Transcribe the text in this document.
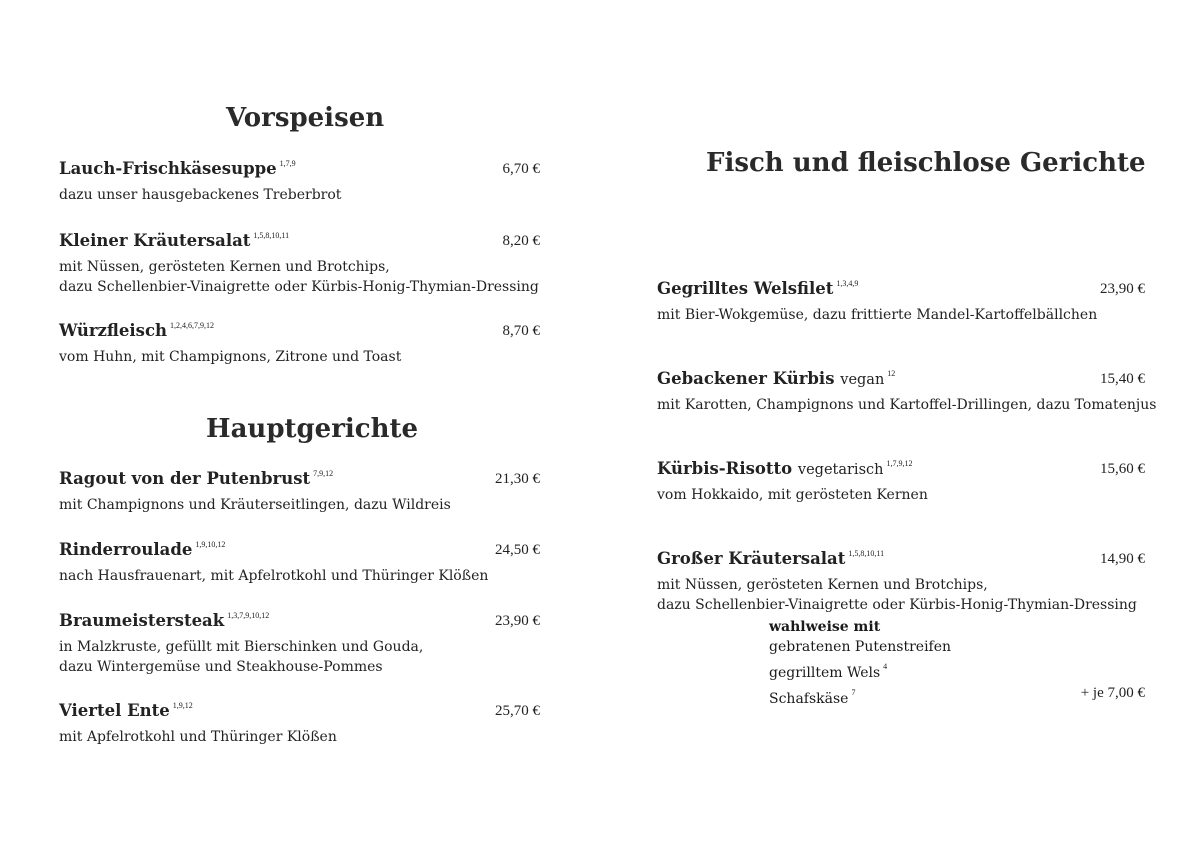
Vorspeisen
Lauch-Frischkäsesuppe $^{1,7,9}$	6,70 €
dazu unser hausgebackenes Treberbrot
Kleiner Kräutersalat $^{1,5,8,10,11}$	8,20 €
mit Nüssen, gerösteten Kernen und Brotchips,
dazu Schellenbier-Vinaigrette oder Kürbis-Honig-Thymian-Dressing
Würzfleisch $^{1,2,4,6,7,9,12}$	8,70 €
vom Huhn, mit Champignons, Zitrone und Toast
Hauptgerichte
Ragout von der Putenbrust $^{7,9,12}$	21,30 €
mit Champignons und Kräuterseitlingen, dazu Wildreis
Rinderroulade $^{1,9,10,12}$	24,50 €
nach Hausfrauenart, mit Apfelrotkohl und Thüringer Klößen
Braumeistersteak $^{1,3,7,9,10,12}$	23,90 €
in Malzkruste, gefüllt mit Bierschinken und Gouda,
dazu Wintergemüse und Steakhouse-Pommes
Viertel Ente $^{1,9,12}$	25,70 €
mit Apfelrotkohl und Thüringer Klößen
Fisch und fleischlose Gerichte
Gegrilltes Welsfilet $^{1,3,4,9}$	23,90 €
mit Bier-Wokgemüse, dazu frittierte Mandel-Kartoffelbällchen
Gebackener Kürbis vegan $^{12}$	15,40 €
mit Karotten, Champignons und Kartoffel-Drillingen, dazu Tomatenjus
Kürbis-Risotto vegetarisch $^{1,7,9,12}$	15,60 €
vom Hokkaido, mit gerösteten Kernen
Großer Kräutersalat $^{1,5,8,10,11}$	14,90 €
mit Nüssen, gerösteten Kernen und Brotchips,
dazu Schellenbier-Vinaigrette oder Kürbis-Honig-Thymian-Dressing
wahlweise mit
gebratenen Putenstreifen
gegrilltem Wels $^4$
Schafskäse $^7$	+ je 7,00 €
